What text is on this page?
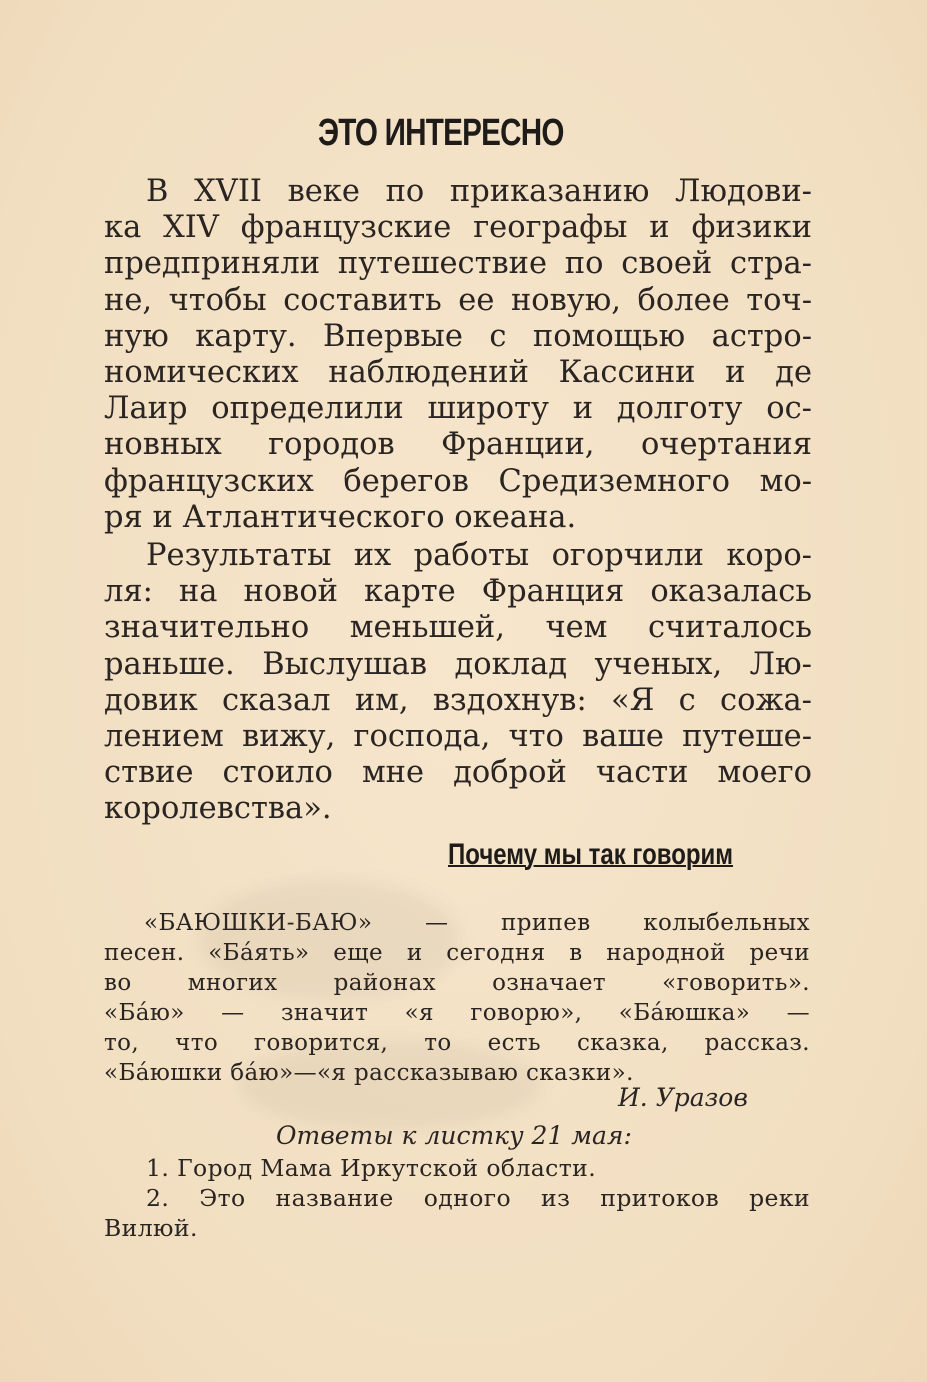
ЭТО ИНТЕРЕСНО
В XVII веке по приказанию Людови-
ка XIV французские географы и физики
предприняли путешествие по своей стра-
не, чтобы составить ее новую, более точ-
ную карту. Впервые с помощью астро-
номических наблюдений Кассини и де
Лаир определили широту и долготу ос-
новных городов Франции, очертания
французских берегов Средиземного мо-
ря и Атлантического океана.
Результаты их работы огорчили коро-
ля: на новой карте Франция оказалась
значительно меньшей, чем считалось
раньше. Выслушав доклад ученых, Лю-
довик сказал им, вздохнув: «Я с сожа-
лением вижу, господа, что ваше путеше-
ствие стоило мне доброй части моего
королевства».
Почему мы так говорим
«БАЮШКИ-БАЮ» — припев колыбельных
песен. «Ба́ять» еще и сегодня в народной речи
во многих районах означает «говорить».
«Ба́ю» — значит «я говорю», «Ба́юшка» —
то, что говорится, то есть сказка, рассказ.
«Ба́юшки ба́ю»—«я рассказываю сказки».
И. Уразов
Ответы к листку 21 мая:
1. Город Мама Иркутской области.
2. Это название одного из притоков реки
Вилюй.
